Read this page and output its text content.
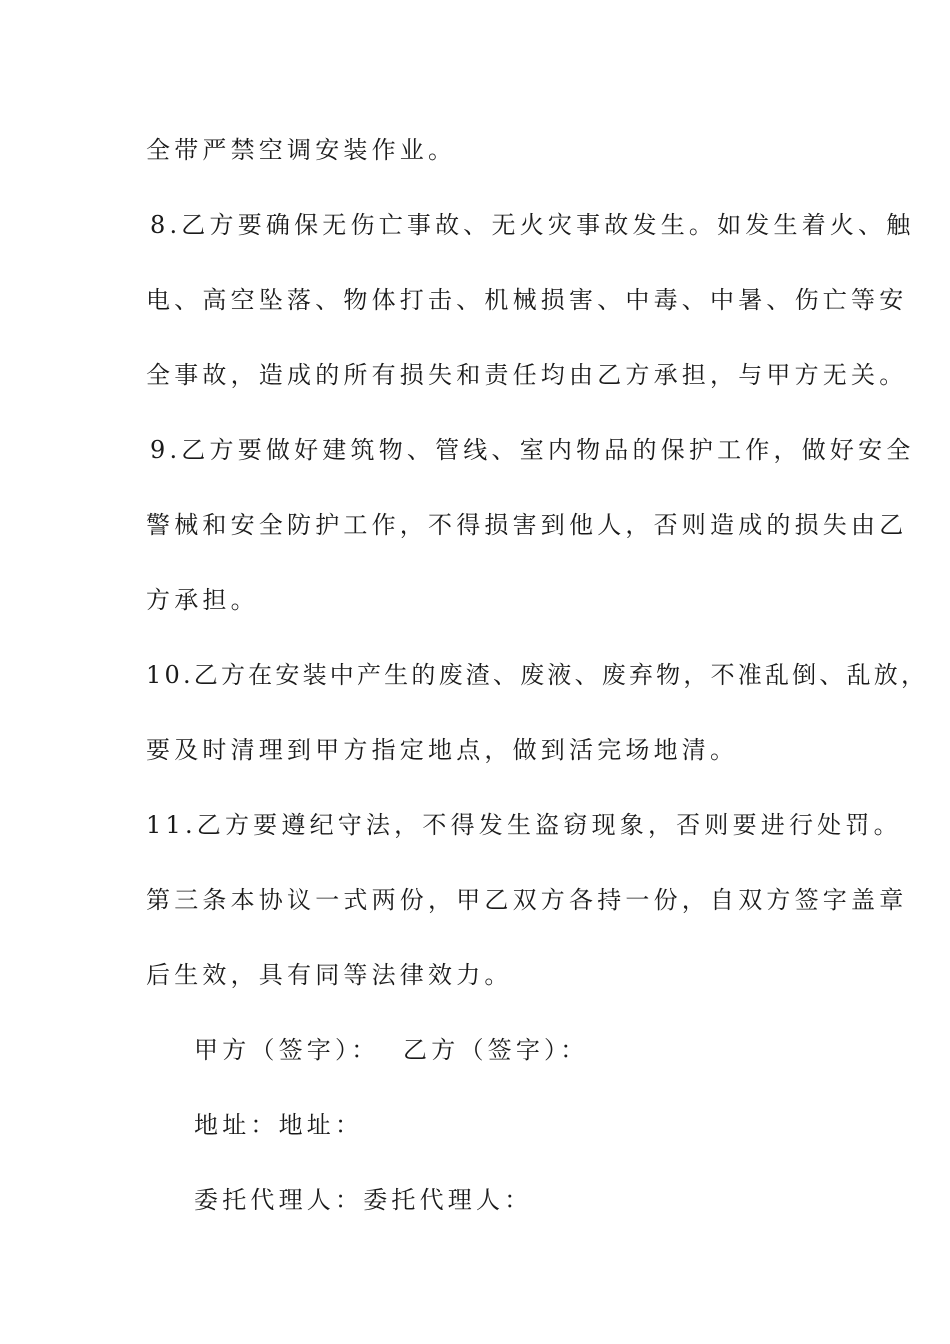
全带严禁空调安装作业。

8.乙方要确保无伤亡事故、无火灾事故发生。如发生着火、触

电、高空坠落、物体打击、机械损害、中毒、中暑、伤亡等安

全事故，造成的所有损失和责任均由乙方承担，与甲方无关。

9.乙方要做好建筑物、管线、室内物品的保护工作，做好安全

警械和安全防护工作，不得损害到他人，否则造成的损失由乙

方承担。

10.乙方在安装中产生的废渣、废液、废弃物，不准乱倒、乱放，

要及时清理到甲方指定地点，做到活完场地清。

11.乙方要遵纪守法，不得发生盗窃现象，否则要进行处罚。

第三条本协议一式两份，甲乙双方各持一份，自双方签字盖章

后生效，具有同等法律效力。

甲方（签字）：  乙方（签字）：

地址：地址：

委托代理人：委托代理人：
